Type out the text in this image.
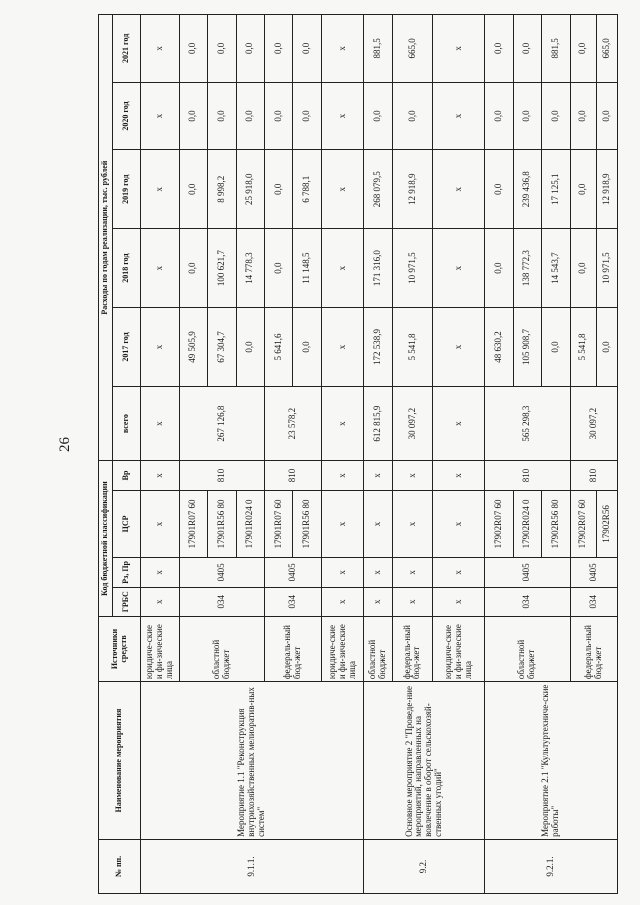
26
№ пп.	Наименование мероприятия	Источники средств	Код бюджетной классификации				Расходы по годам реализации, тыс. рублей					
			ГРБС	Рз, Пр	ЦСР	Вр	всего	2017 год	2018 год	2019 год	2020 год	2021 год
9.1.1.	Мероприятие 1.1 "Реконструкция внутрихозяйственных мелиоратив-ных систем"	юридиче-ские и фи-зические лица	х	х	х	х	х	х	х	х	х	х
		областной бюджет	034	0405	17901R07 60	810	267 126,8	49 505,9	0,0	0,0	0,0	0,0
					17901R56 80			67 304,7	100 621,7	8 998,2	0,0	0,0
					17901R024 0			0,0	14 778,3	25 918,0	0,0	0,0
		федераль-ный бюд-жет	034	0405	17901R07 60	810	23 578,2	5 641,6	0,0	0,0	0,0	0,0
					17901R56 80			0,0	11 148,5	6 788,1	0,0	0,0
		юридиче-ские и фи-зические лица	х	х	х	х	х	х	х	х	х	х
9.2.	Основное мероприятие 2 "Проведе-ние мероприятий, направленных на вовлечение в оборот сельскохозяй-ственных угодий"	областной бюджет	х	х	х	х	612 815,9	172 538,9	171 316,0	268 079,5	0,0	881,5
		федераль-ный бюд-жет	х	х	х	х	30 097,2	5 541,8	10 971,5	12 918,9	0,0	665,0
		юридиче-ские и фи-зические лица	х	х	х	х	х	х	х	х	х	х
9.2.1.	Мероприятие 2.1 "Культуртехниче-ские работы"	областной бюджет	034	0405	17902R07 60	810	565 298,3	48 630,2	0,0	0,0	0,0	0,0
					17902R024 0			105 908,7	138 772,3	239 436,8	0,0	0,0
					17902R56 80			0,0	14 543,7	17 125,1	0,0	881,5
		федераль-ный бюд-жет	034	0405	17902R07 60	810	30 097,2	5 541,8	0,0	0,0	0,0	0,0
					17902R56			0,0	10 971,5	12 918,9	0,0	665,0
